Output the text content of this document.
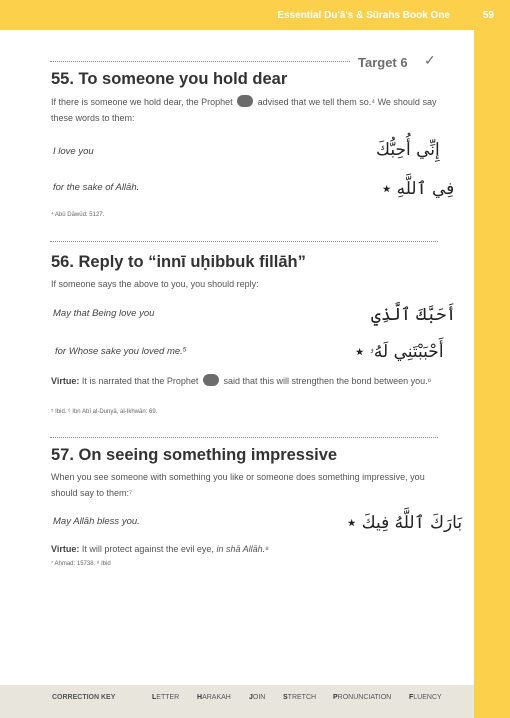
Essential Du'ā's & Sūrahs Book One	59
Target 6 ✓
55. To someone you hold dear
If there is someone we hold dear, the Prophet	advised that we tell them so.⁴ We should say these words to them:
I love you	إِنِّي أُحِبُّكَ
for the sake of Allāh.	فِي ٱللَّهِ ٭
⁴ Abū Dāwūd: 5127.
56. Reply to “innī uḥibbuk fillāh”
If someone says the above to you, you should reply:
May that Being love you	أَحَبَّكَ ٱلَّذِي
for Whose sake you loved me.⁵	أَحْبَبْتَنِي لَهُۥ ٭
Virtue: It is narrated that the Prophet	said that this will strengthen the bond between you.⁶
⁵ Ibid. ⁶ Ibn Abī al-Dunyā, al-Ikhwān: 69.
57. On seeing something impressive
When you see someone with something you like or someone does something impressive, you should say to them:⁷
May Allāh bless you.	بَارَكَ ٱللَّهُ فِيكَ ٭
Virtue: It will protect against the evil eye, in shā Allāh.⁸
⁷ Aḥmad: 15738. ⁸ Ibid
CORRECTION KEY	LETTER	HARAKAH	JOIN	STRETCH PRONUNCIATION	FLUENCY
